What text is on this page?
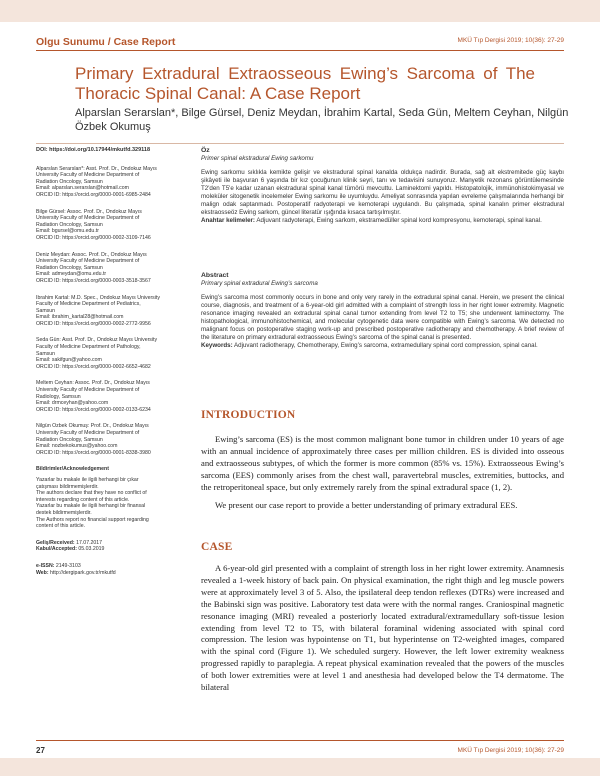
Olgu Sunumu / Case Report	MKÜ Tıp Dergisi 2019; 10(36): 27-29
Primary Extradural Extraosseous Ewing’s Sarcoma of The
Thoracic Spinal Canal: A Case Report
Alparslan Serarslan*, Bilge Gürsel, Deniz Meydan, İbrahim Kartal, Seda Gün, Meltem Ceyhan, Nilgün
Özbek Okumuş
DOI: https://doi.org/10.17944/mkutfd.329118
Alparslan Serarslan*: Asst. Prof. Dr., Ondokuz Mayıs
University Faculty of Medicine Department of
Radiation Oncology, Samsun
Email: alparslan.serarslan@hotmail.com
ORCID ID: https://orcid.org/0000-0001-6985-2484
Bilge Gürsel: Assoc. Prof. Dr., Ondokuz Mayıs
University Faculty of Medicine Department of
Radiation Oncology, Samsun
Email: bgursel@omu.edu.tr
ORCID ID: https://orcid.org/0000-0002-3109-7146
Deniz Meydan: Assoc. Prof. Dr., Ondokuz Mayıs
University Faculty of Medicine Department of
Radiation Oncology, Samsun
Email: admeydan@omu.edu.tr
ORCID ID: https://orcid.org/0000-0003-3518-3567
İbrahim Kartal: M.D. Spec., Ondokuz Mayıs University
Faculty of Medicine Department of Pediatrics,
Samsun
Email: ibrahim_kartal28@hotmail.com
ORCID ID: https://orcid.org/0000-0002-2772-9956
Seda Gün: Asst. Prof. Dr., Ondokuz Mayıs University
Faculty of Medicine Department of Pathology,
Samsun
Email: sakifgun@yahoo.com
ORCID ID: https://orcid.org/0000-0002-6652-4682
Meltem Ceyhan: Assoc. Prof. Dr., Ondokuz Mayıs
University Faculty of Medicine Department of
Radiology, Samsun
Email: drmceyhan@yahoo.com
ORCID ID: https://orcid.org/0000-0002-0133-6234
Nilgün Özbek Okumuş: Prof. Dr., Ondokuz Mayıs
University Faculty of Medicine Department of
Radiation Oncology, Samsun
Email: nozbekokumus@yahoo.com
ORCID ID: https://orcid.org/0000-0001-8338-3980
Bildirimler/Acknowledgement
Yazarlar bu makale ile ilgili herhangi bir çıkar
çatışması bildirmemişlerdir.
The authors declare that they have no conflict of
interests regarding content of this article.
Yazarlar bu makale ile ilgili herhangi bir finansal
destek bildirmemişlerdir.
The Authors report no financial support regarding
content of this article.
Geliş/Received: 17.07.2017
Kabul/Accepted: 05.03.2019
e-ISSN: 2149-3103
Web: http://dergipark.gov.tr/mkutfd
Öz
Primer spinal ekstradural Ewing sarkomu
Ewing sarkomu sıklıkla kemikte gelişir ve ekstradural spinal kanalda oldukça nadirdir. Burada, sağ alt ekstremitede güç kaybı şikâyeti ile başvuran 6 yaşında bir kız çocuğunun klinik seyri, tanı ve tedavisini sunuyoruz. Manyetik rezonans görüntülemesinde T2'den T5'e kadar uzanan ekstradural spinal kanal tümörü mevcuttu. Laminektomi yapıldı. Histopatolojik, immünohistokimyasal ve moleküler sitogenetik incelemeler Ewing sarkomu ile uyumluydu. Ameliyat sonrasında yapılan evreleme çalışmalarında herhangi bir malign odak saptanmadı. Postoperatif radyoterapi ve kemoterapi uygulandı. Bu çalışmada, spinal kanalın primer ekstradural ekstraosseöz Ewing sarkom, güncel literatür ışığında kısaca tartışılmıştır.
Anahtar kelimeler: Adjuvant radyoterapi, Ewing sarkom, ekstramedüller spinal kord kompresyonu, kemoterapi, spinal kanal.
Abstract
Primary spinal extradural Ewing’s sarcoma
Ewing’s sarcoma most commonly occurs in bone and only very rarely in the extradural spinal canal. Herein, we present the clinical course, diagnosis, and treatment of a 6-year-old girl admitted with a complaint of strength loss in her right lower extremity. Magnetic resonance imaging revealed an extradural spinal canal tumor extending from level T2 to T5; she underwent laminectomy. The histopathological, immunohistochemical, and molecular cytogenetic data were compatible with Ewing’s sarcoma. We detected no malignant focus on postoperative staging work-up and prescribed postoperative radiotherapy and chemotherapy. A brief review of the literature on primary extradural extraosseous Ewing’s sarcoma of the spinal canal is presented.
Keywords: Adjuvant radiotherapy, Chemotherapy, Ewing’s sarcoma, extramedullary spinal cord compression, spinal canal.
INTRODUCTION

Ewing’s sarcoma (ES) is the most common malignant bone tumor in children under 10 years of age with an annual incidence of approximately three cases per million children. ES is divided into osseous and extraosseous subtypes, of which the former is more common (85% vs. 15%). Extraosseous Ewing’s sarcoma (EES) commonly arises from the chest wall, paravertebral muscles, extremities, buttocks, and the retroperitoneal space, but only extremely rarely from the spinal extradural space (1, 2).

We present our case report to provide a better understanding of primary extradural EES.

CASE

A 6-year-old girl presented with a complaint of strength loss in her right lower extremity. Anamnesis revealed a 1-week history of back pain. On physical examination, the right thigh and leg muscle powers were at approximately level 3 of 5. Also, the ipsilateral deep tendon reflexes (DTRs) were increased and the Babinski sign was positive. Laboratory test data were with the normal ranges. Craniospinal magnetic resonance imaging (MRI) revealed a posteriorly located extradural/extramedullary soft-tissue lesion extending from level T2 to T5, with bilateral foraminal widening associated with spinal cord compression. The lesion was hypointense on T1, but hyperintense on T2-weighted images, compared with the spinal cord (Figure 1). We scheduled surgery. However, the left lower extremity weakness progressed rapidly to paraplegia. A repeat physical examination revealed that the powers of the muscles of both lower extremities were at level 1 and anesthesia had developed below the T4 dermatome. The bilateral

27	MKÜ Tıp Dergisi 2019; 10(36): 27-29
